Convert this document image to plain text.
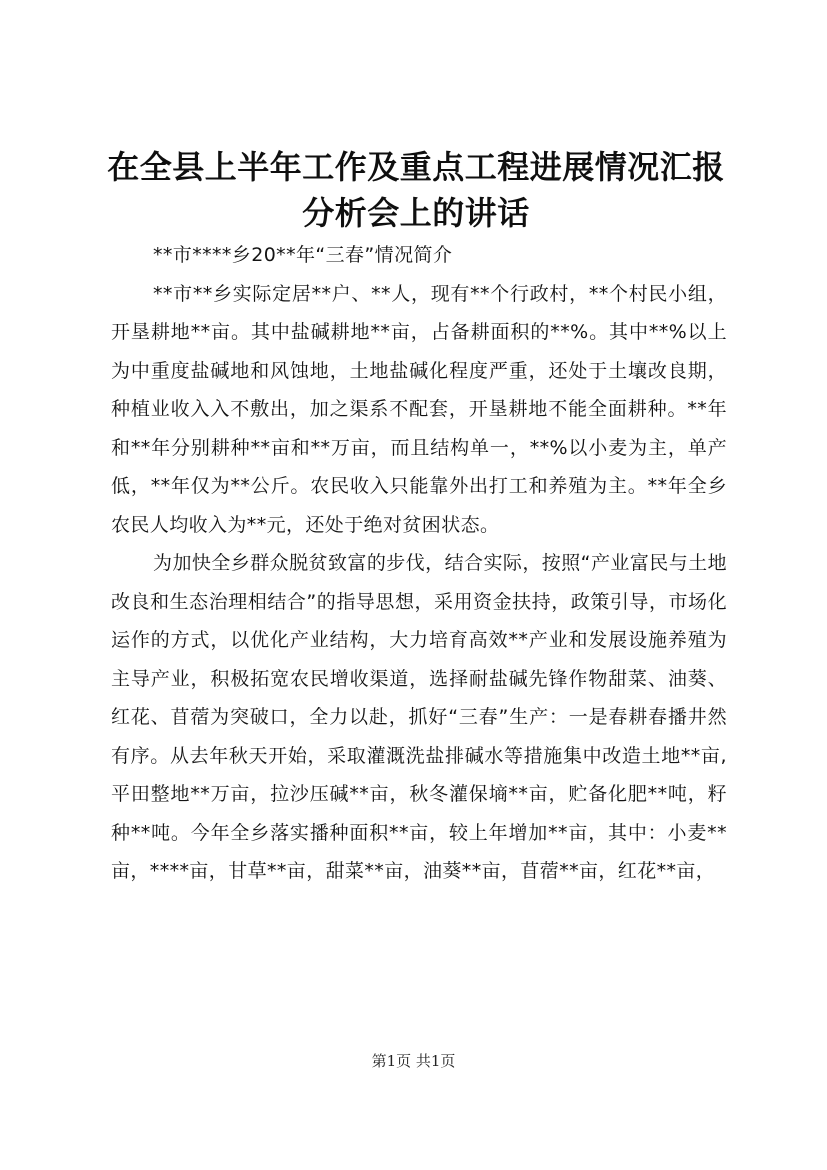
在全县上半年工作及重点工程进展情况汇报分析会上的讲话

**市****乡20**年“三春”情况简介

**市**乡实际定居**户、**人，现有**个行政村，**个村民小组，开垦耕地**亩。其中盐碱耕地**亩，占备耕面积的**%。其中**%以上为中重度盐碱地和风蚀地，土地盐碱化程度严重，还处于土壤改良期，种植业收入入不敷出，加之渠系不配套，开垦耕地不能全面耕种。**年和**年分别耕种**亩和**万亩，而且结构单一，**%以小麦为主，单产低，**年仅为**公斤。农民收入只能靠外出打工和养殖为主。**年全乡农民人均收入为**元，还处于绝对贫困状态。

为加快全乡群众脱贫致富的步伐，结合实际，按照“产业富民与土地改良和生态治理相结合”的指导思想，采用资金扶持，政策引导，市场化运作的方式，以优化产业结构，大力培育高效**产业和发展设施养殖为主导产业，积极拓宽农民增收渠道，选择耐盐碱先锋作物甜菜、油葵、红花、苜蓿为突破口，全力以赴，抓好“三春”生产：一是春耕春播井然有序。从去年秋天开始，采取灌溉洗盐排碱水等措施集中改造土地**亩,平田整地**万亩，拉沙压碱**亩，秋冬灌保墒**亩，贮备化肥**吨，籽种**吨。今年全乡落实播种面积**亩，较上年增加**亩，其中：小麦**亩，****亩，甘草**亩，甜菜**亩，油葵**亩，苜蓿**亩，红花**亩，

第1页 共1页
